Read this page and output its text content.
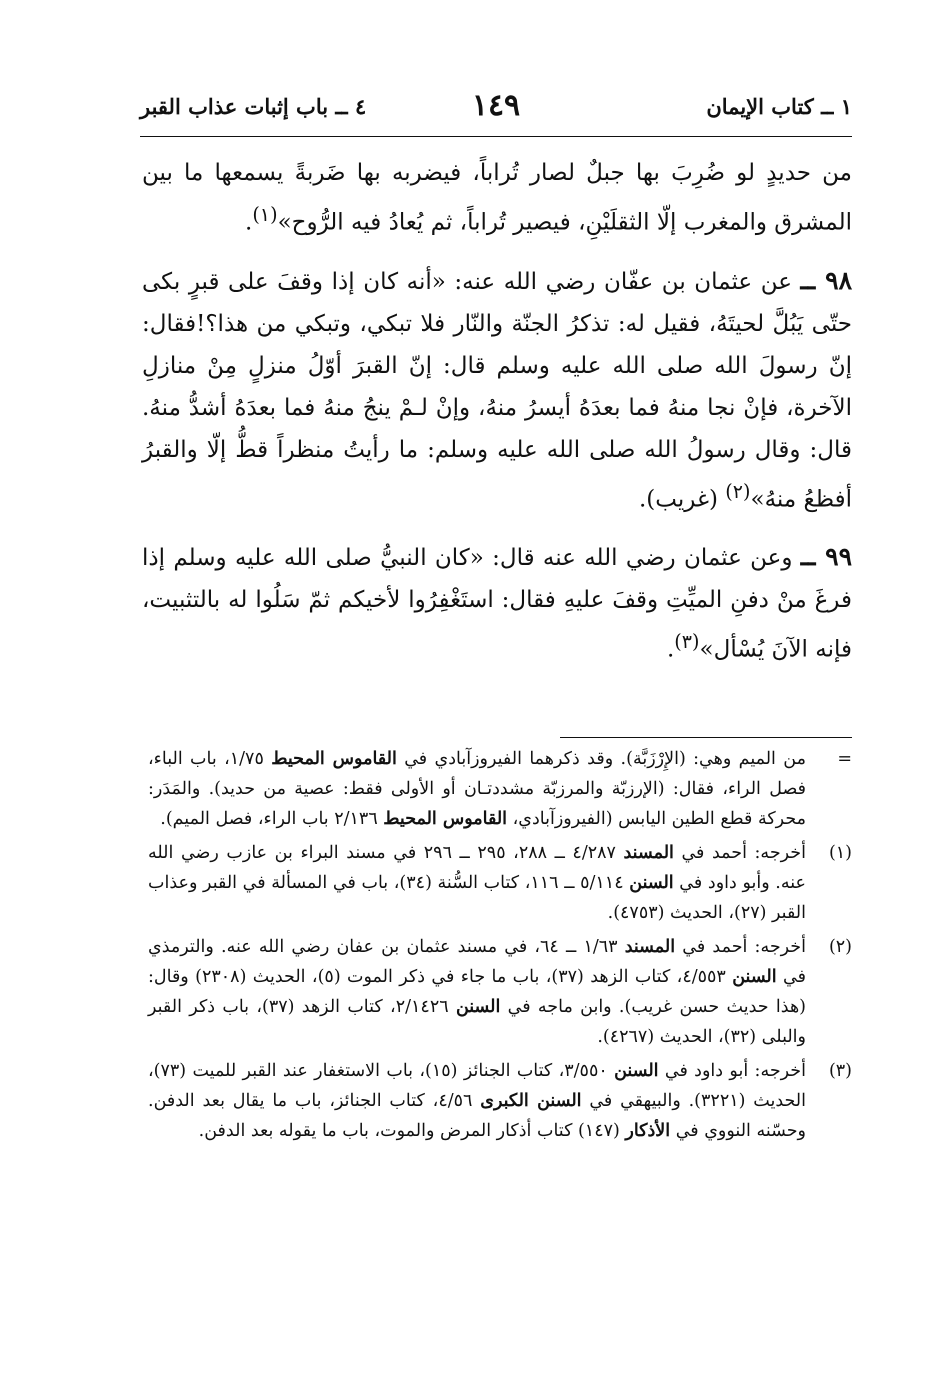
١ ــ كتاب الإيمان
١٤٩
٤ ــ باب إثبات عذاب القبر

من حديدٍ لو ضُرِبَ بها جبلٌ لصار تُراباً، فيضربه بها ضَربةً يسمعها ما بين المشرق والمغرب إلّا الثقلَيْنِ، فيصير تُراباً، ثم يُعادُ فيه الرُّوح»$^{(١)}$.

٩٨ ــ عن عثمان بن عفّان رضي الله عنه: «أنه كان إذا وقفَ على قبرٍ بكى حتّى يَبُلَّ لحيتَهُ، فقيل له: تذكرُ الجنّة والنّار فلا تبكي، وتبكي من هذا؟!فقال: إنّ رسولَ الله صلى الله عليه وسلم قال: إنّ القبرَ أوّلُ منزلٍ مِنْ منازلِ الآخرة، فإنْ نجا منهُ فما بعدَهُ أيسرُ منهُ، وإنْ لـمْ ينجُ منهُ فما بعدَهُ أشدُّ منهُ. قال: وقال رسولُ الله صلى الله عليه وسلم: ما رأيتُ منظراً قطُّ إلّا والقبرُ أفظعُ منهُ»$^{(٢)}$ (غريب).

٩٩ ــ وعن عثمان رضي الله عنه قال: «كان النبيُّ صلى الله عليه وسلم إذا فرغَ منْ دفنِ الميِّتِ وقفَ عليهِ فقال: استَغْفِرُوا لأخيكم ثمّ سَلُوا له بالتثبيت، فإنه الآنَ يُسْأل»$^{(٣)}$.

=
من الميم وهي: (الإِرْزَبَّة). وقد ذكرهما الفيروزآبادي في القاموس المحيط ١/٧٥، باب الباء، فصل الراء، فقال: (الإرزبّة والمرزبّة مشددتـان أو الأولى فقط: عصية من حديد). والمَدَر: محركة قطع الطين اليابس (الفيروزآبادي، القاموس المحيط ٢/١٣٦ باب الراء، فصل الميم).
(١)
أخرجه: أحمد في المسند ٤/٢٨٧ ــ ٢٨٨، ٢٩٥ ــ ٢٩٦ في مسند البراء بن عازب رضي الله عنه. وأبو داود في السنن ٥/١١٤ ــ ١١٦، كتاب السُّنة (٣٤)، باب في المسألة في القبر وعذاب القبر (٢٧)، الحديث (٤٧٥٣).
(٢)
أخرجه: أحمد في المسند ١/٦٣ ــ ٦٤، في مسند عثمان بن عفان رضي الله عنه. والترمذي في السنن ٤/٥٥٣، كتاب الزهد (٣٧)، باب ما جاء في ذكر الموت (٥)، الحديث (٢٣٠٨) وقال: (هذا حديث حسن غريب). وابن ماجه في السنن ٢/١٤٢٦، كتاب الزهد (٣٧)، باب ذكر القبر والبلى (٣٢)، الحديث (٤٢٦٧).
(٣)
أخرجه: أبو داود في السنن ٣/٥٥٠، كتاب الجنائز (١٥)، باب الاستغفار عند القبر للميت (٧٣)، الحديث (٣٢٢١). والبيهقي في السنن الكبرى ٤/٥٦، كتاب الجنائز، باب ما يقال بعد الدفن. وحسّنه النووي في الأذكار (١٤٧) كتاب أذكار المرض والموت، باب ما يقوله بعد الدفن.
